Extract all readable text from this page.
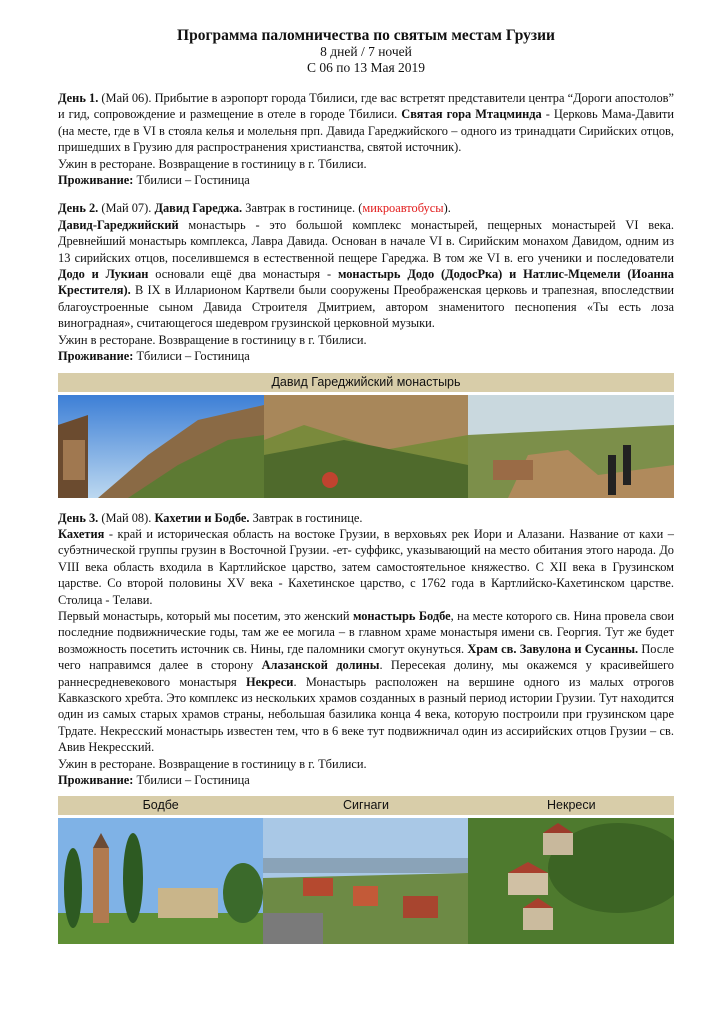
Программа паломничества по святым местам Грузии
8 дней / 7 ночей
С 06 по 13 Мая 2019

День 1. (Май 06). Прибытие в аэропорт города Тбилиси, где вас встретят представители центра “Дороги апостолов” и гид, сопровождение и размещение в отеле в городе Тбилиси. Святая гора Мтацминда - Церковь Мама-Давити (на месте, где в VI в стояла келья и молельня прп. Давида Гареджийского – одного из тринадцати Сирийских отцов, пришедших в Грузию для распространения христианства, святой источник).

Ужин в ресторане. Возвращение в гостиницу в г. Тбилиси.

Проживание: Тбилиси – Гостиница

День 2. (Май 07). Давид Гареджа. Завтрак в гостинице. (микроавтобусы).

Давид-Гареджийский монастырь - это большой комплекс монастырей, пещерных монастырей VI века. Древнейший монастырь комплекса, Лавра Давида. Основан в начале VI в. Сирийским монахом Давидом, одним из 13 сирийских отцов, поселившемся в естественной пещере Гареджа. В том же VI в. его ученики и последователи Додо и Лукиан основали ещё два монастыря - монастырь Додо (ДодосРка) и Натлис-Мцемели (Иоанна Крестителя). В IX в Илларионом Картвели были сооружены Преображенская церковь и трапезная, впоследствии благоустроенные сыном Давида Строителя Дмитрием, автором знаменитого песнопения «Ты есть лоза виноградная», считающегося шедевром грузинской церковной музыки.

Ужин в ресторане. Возвращение в гостиницу в г. Тбилиси.

Проживание: Тбилиси – Гостиница

Давид Гареджийский монастырь

День 3. (Май 08). Кахетии и Бодбе. Завтрак в гостинице.

Кахетия - край и историческая область на востоке Грузии, в верховьях рек Иори и Алазани. Название от кахи – субэтнической группы грузин в Восточной Грузии. -ет- суффикс, указывающий на место обитания этого народа. До VIII века область входила в Картлийское царство, затем самостоятельное княжество. С XII века в Грузинском царстве. Со второй половины XV века - Кахетинское царство, с 1762 года в Картлийско-Кахетинском царстве. Столица - Телави.

Первый монастырь, который мы посетим, это женский монастырь Бодбе, на месте которого св. Нина провела свои последние подвижнические годы, там же ее могила – в главном храме монастыря имени св. Георгия. Тут же будет возможность посетить источник св. Нины, где паломники смогут окунуться. Храм св. Завулона и Сусанны. После чего направимся далее в сторону Алазанской долины. Пересекая долину, мы окажемся у красивейшего раннесредневекового монастыря Некреси. Монастырь расположен на вершине одного из малых отрогов Кавказского хребта. Это комплекс из нескольких храмов созданных в разный период истории Грузии. Тут находится один из самых старых храмов страны, небольшая базилика конца 4 века, которую построили при грузинском царе Трдате. Некресский монастырь известен тем, что в 6 веке тут подвижничал один из ассирийских отцов Грузии – св. Авив Некресский.

Ужин в ресторане. Возвращение в гостиницу в г. Тбилиси.

Проживание: Тбилиси – Гостиница

Бодбе	Сигнаги	Некреси
